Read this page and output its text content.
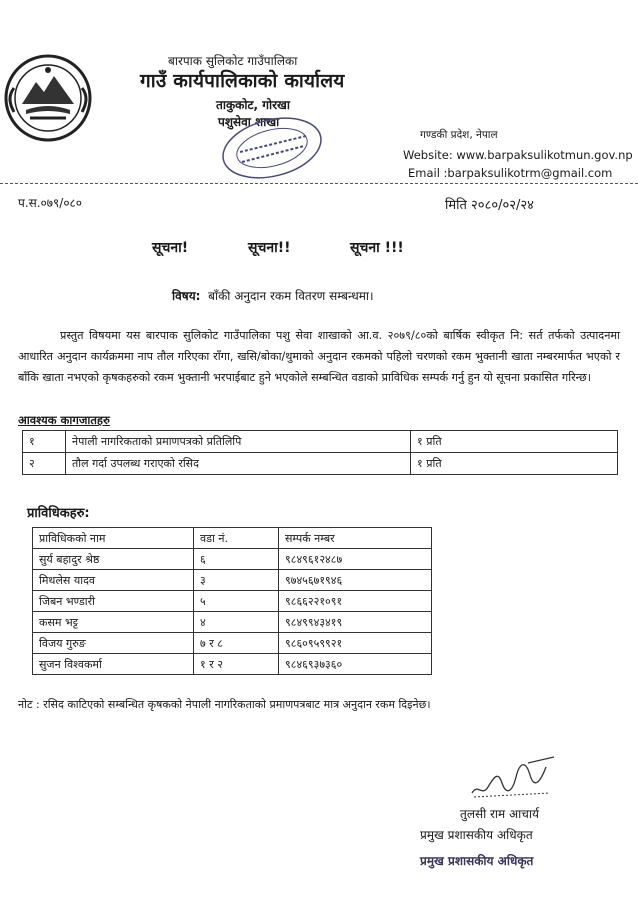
बारपाक सुलिकोट गाउँपालिका
गाउँ कार्यपालिकाको कार्यालय
ताकुकोट, गोरखा
पशुसेवा शाखा
गण्डकी प्रदेश, नेपाल
Website: www.barpaksulikotmun.gov.np
Email :barpaksulikotrm@gmail.com
प.स.०७९/०८०	मिति २०८०/०२/२४
सूचना!	सूचना!!	सूचना !!!
विषय: बाँकी अनुदान रकम वितरण सम्बन्धमा।
प्रस्तुत विषयमा यस बारपाक सुलिकोट गाउँपालिका पशु सेवा शाखाको आ.व. २०७९/८०को बार्षिक स्वीकृत नि: सर्त तर्फको उत्पादनमा आधारित अनुदान कार्यक्रममा नाप तौल गरिएका राँगा, खसि/बोका/थुमाको अनुदान रकमको पहिलो चरणको रकम भुक्तानी खाता नम्बरमार्फत भएको र बाँकि खाता नभएको कृषकहरुको रकम भुक्तानी भरपाईबाट हुने भएकोले सम्बन्धित वडाको प्राविधिक सम्पर्क गर्नु हुन यो सूचना प्रकासित गरिन्छ।
आवश्यक कागजातहरु
१	नेपाली नागरिकताको प्रमाणपत्रको प्रतिलिपि	१ प्रति
२	तौल गर्दा उपलब्ध गराएको रसिद	१ प्रति
प्राविधिकहरु:
प्राविधिकको नाम	वडा नं.	सम्पर्क नम्बर
सुर्य बहादुर श्रेष्ठ	६	९८४९६१२४८७
मिथलेस यादव	३	९७४५६७१९४६
जिबन भण्डारी	५	९८६६२२१०९१
कसम भट्ट	४	९८४९९४३४१९
विजय गुरुङ	७ र ८	९८६०९५९९२१
सुजन विश्वकर्मा	१ र २	९८४६९३७३६०
नोट : रसिद काटिएको सम्बन्धित कृषकको नेपाली नागरिकताको प्रमाणपत्रबाट मात्र अनुदान रकम दिइनेछ।
तुलसी राम आचार्य
प्रमुख प्रशासकीय अधिकृत
प्रमुख प्रशासकीय अधिकृत
